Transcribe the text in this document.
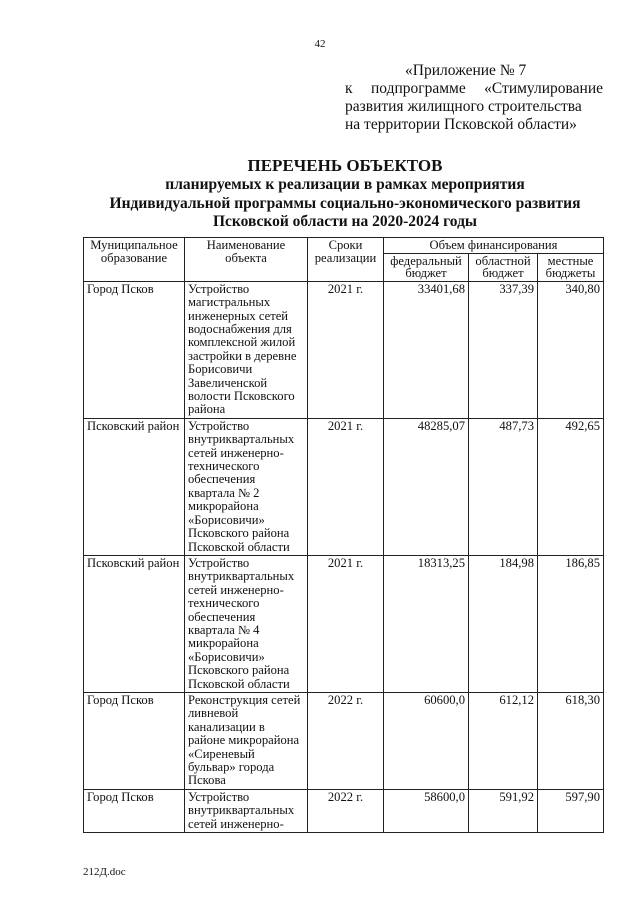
42
«Приложение № 7
к подпрограмме «Стимулирование
развития жилищного строительства
на территории Псковской области»
ПЕРЕЧЕНЬ ОБЪЕКТОВ
планируемых к реализации в рамках мероприятия
Индивидуальной программы социально-экономического развития
Псковской области на 2020-2024 годы
Муниципальное образование	Наименование объекта	Сроки реализации	Объем финансирования		
			федеральный бюджет	областной бюджет	местные бюджеты
Город Псков	Устройство магистральных инженерных сетей водоснабжения для комплексной жилой застройки в деревне Борисовичи Завеличенской волости Псковского района	2021 г.	33401,68	337,39	340,80
Псковский район	Устройство внутриквартальных сетей инженерно-технического обеспечения квартала № 2 микрорайона «Борисовичи» Псковского района Псковской области	2021 г.	48285,07	487,73	492,65
Псковский район	Устройство внутриквартальных сетей инженерно-технического обеспечения квартала № 4 микрорайона «Борисовичи» Псковского района Псковской области	2021 г.	18313,25	184,98	186,85
Город Псков	Реконструкция сетей ливневой канализации в районе микрорайона «Сиреневый бульвар» города Пскова	2022 г.	60600,0	612,12	618,30
Город Псков	Устройство внутриквартальных сетей инженерно-	2022 г.	58600,0	591,92	597,90
212Д.doc
